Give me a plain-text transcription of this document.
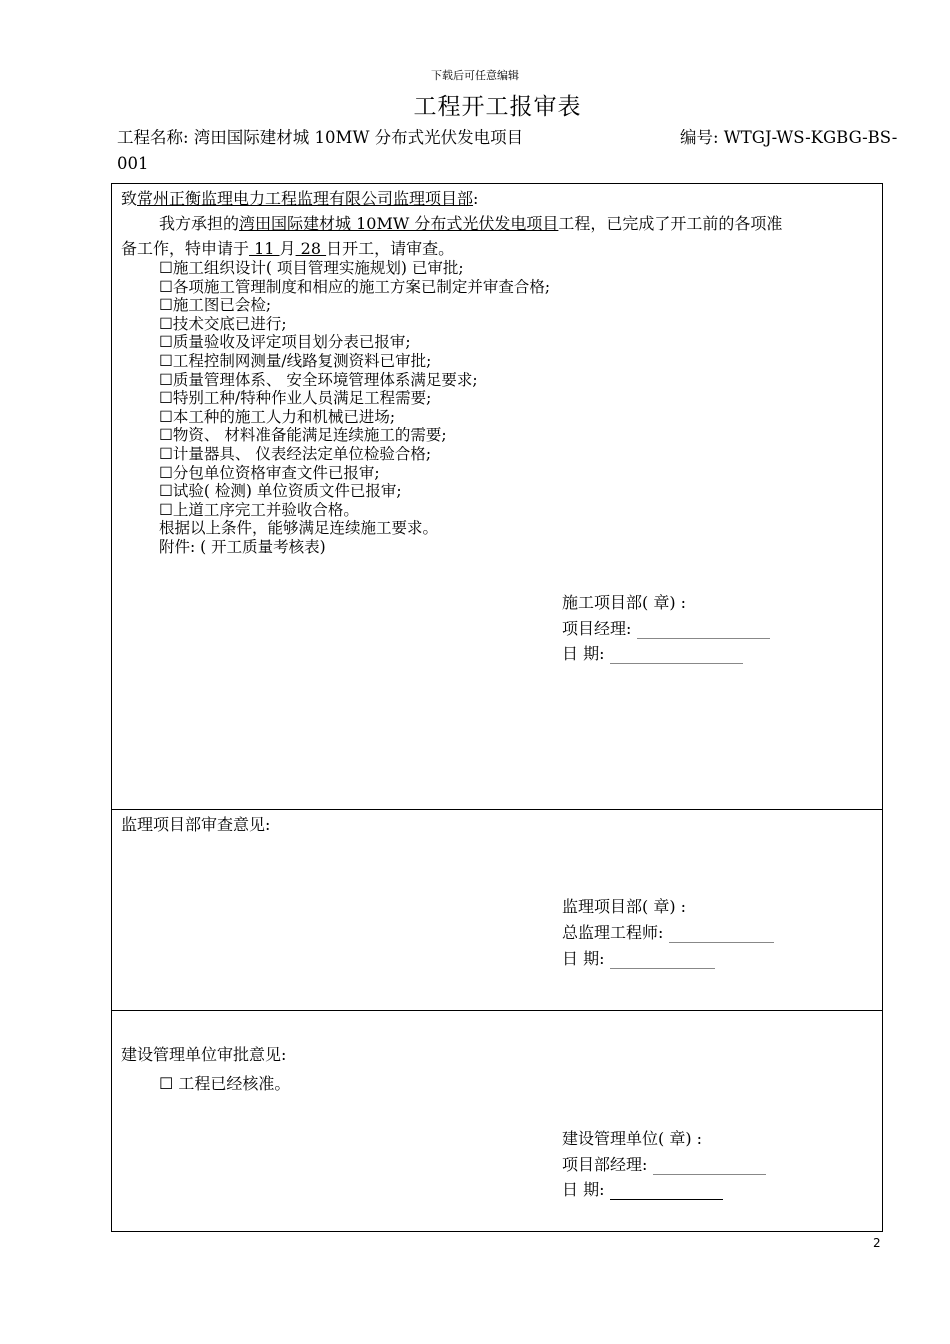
下载后可任意编辑
工程开工报审表
工程名称: 湾田国际建材城 10MW 分布式光伏发电项目	编号: WTGJ-WS-KGBG-BS-
001
致常州正衡监理电力工程监理有限公司监理项目部:
我方承担的湾田国际建材城 10MW 分布式光伏发电项目工程，已完成了开工前的各项准
备工作，特申请于 11 月 28 日开工，请审查。
☐施工组织设计( 项目管理实施规划) 已审批;
☐各项施工管理制度和相应的施工方案已制定并审查合格;
☐施工图已会检;
☐技术交底已进行;
☐质量验收及评定项目划分表已报审;
☐工程控制网测量/线路复测资料已审批;
☐质量管理体系、 安全环境管理体系满足要求;
☐特别工种/特种作业人员满足工程需要;
☐本工种的施工人力和机械已进场;
☐物资、 材料准备能满足连续施工的需要;
☐计量器具、 仪表经法定单位检验合格;
☐分包单位资格审查文件已报审;
☐试验( 检测) 单位资质文件已报审;
☐上道工序完工并验收合格。
根据以上条件，能够满足连续施工要求。
附件: ( 开工质量考核表)
施工项目部( 章) :
项目经理:
日 期:
监理项目部审查意见:
监理项目部( 章) :
总监理工程师:
日 期:
建设管理单位审批意见:
☐ 工程已经核准。
建设管理单位( 章) :
项目部经理:
日 期:
2
